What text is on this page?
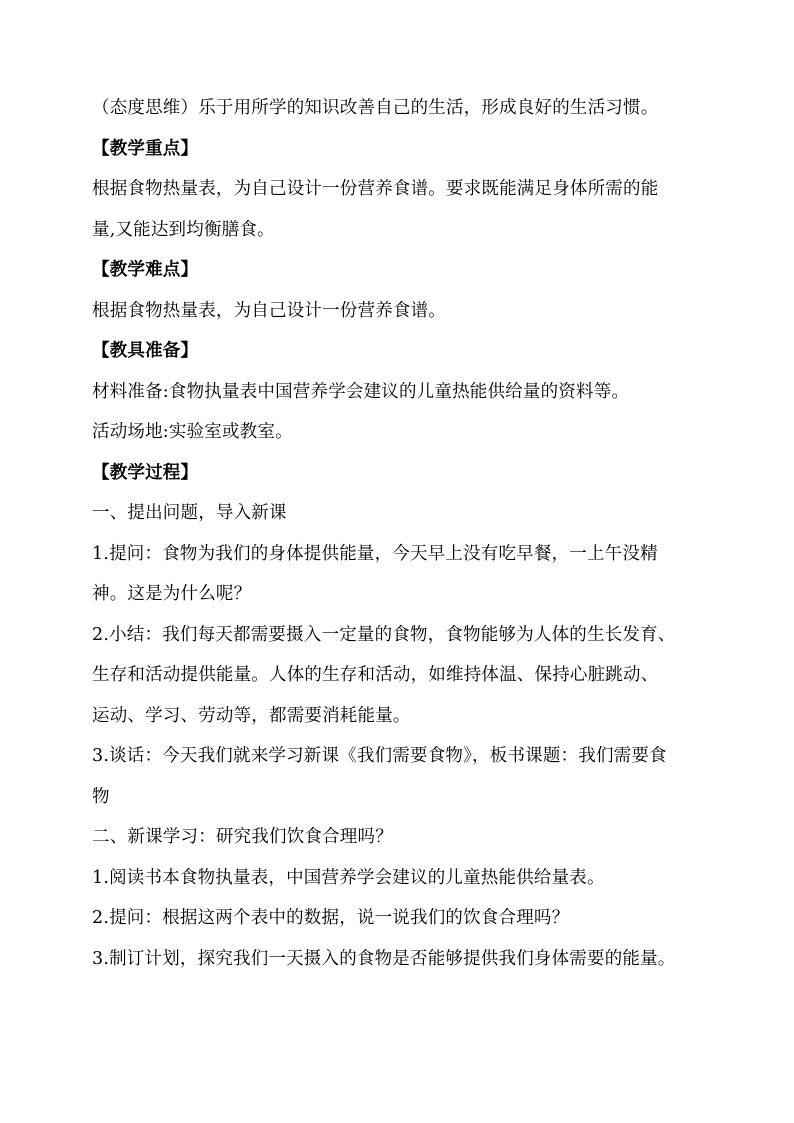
（态度思维）乐于用所学的知识改善自己的生活，形成良好的生活习惯。
【教学重点】
根据食物热量表，为自己设计一份营养食谱。要求既能满足身体所需的能
量,又能达到均衡膳食。
【教学难点】
根据食物热量表，为自己设计一份营养食谱。
【教具准备】
材料准备:食物执量表中国营养学会建议的儿童热能供给量的资料等。
活动场地:实验室或教室。
【教学过程】
一、提出问题，导入新课
1.提问：食物为我们的身体提供能量，今天早上没有吃早餐，一上午没精
神。这是为什么呢？
2.小结：我们每天都需要摄入一定量的食物，食物能够为人体的生长发育、
生存和活动提供能量。人体的生存和活动，如维持体温、保持心脏跳动、
运动、学习、劳动等，都需要消耗能量。
3.谈话：今天我们就来学习新课《我们需要食物》，板书课题：我们需要食
物
二、新课学习：研究我们饮食合理吗？
1.阅读书本食物执量表，中国营养学会建议的儿童热能供给量表。
2.提问：根据这两个表中的数据，说一说我们的饮食合理吗？
3.制订计划，探究我们一天摄入的食物是否能够提供我们身体需要的能量。
